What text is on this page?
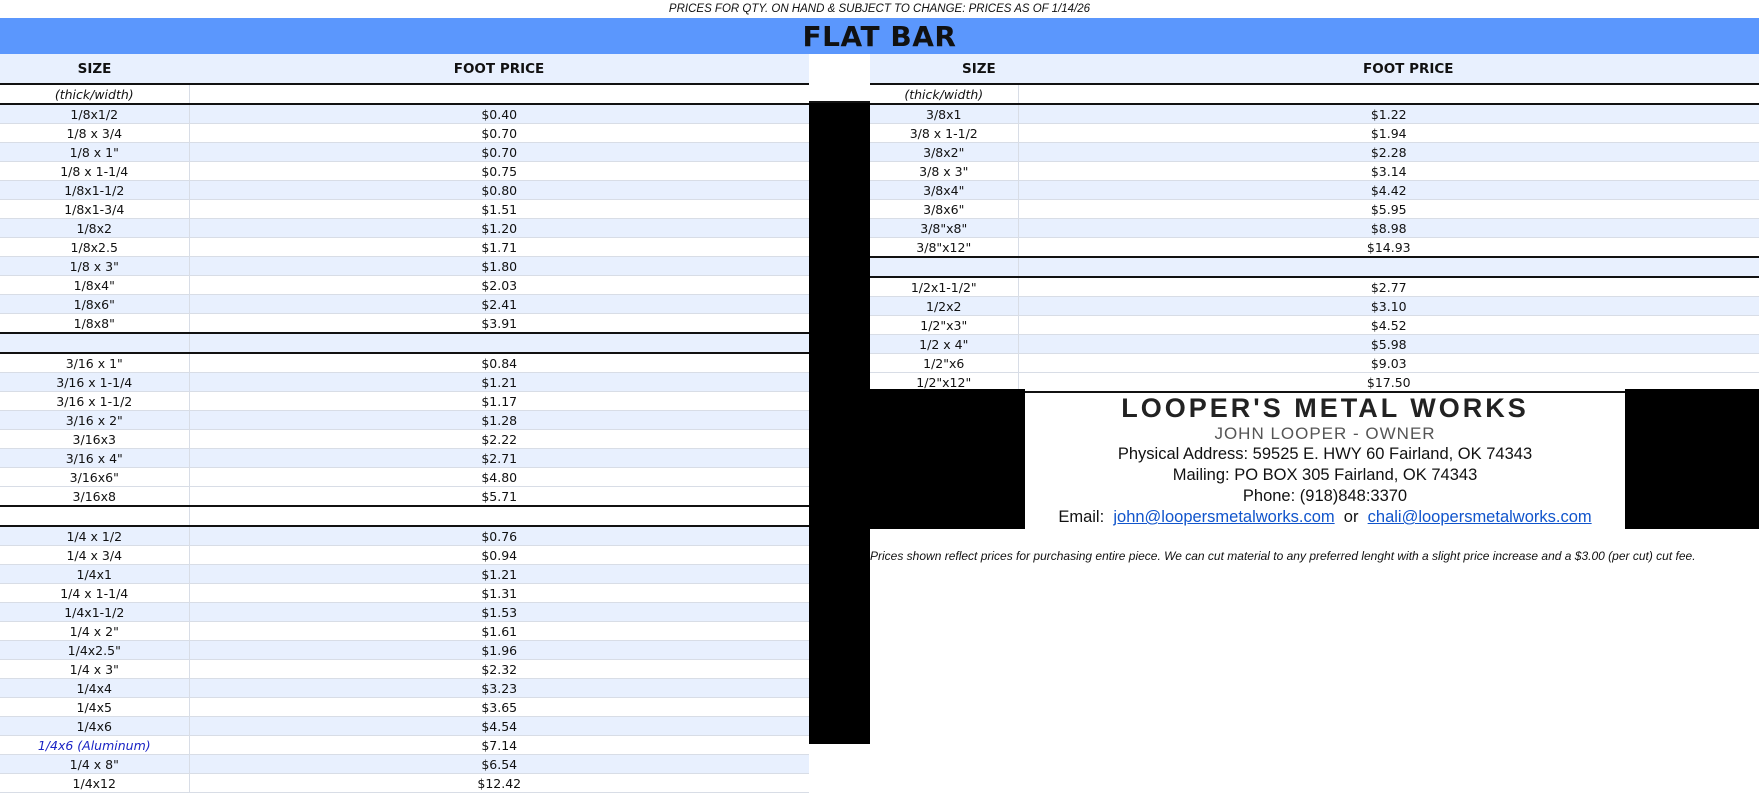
PRICES FOR QTY. ON HAND & SUBJECT TO CHANGE: PRICES AS OF 1/14/26
FLAT BAR
SIZE	FOOT PRICE
(thick/width)	
1/8x1/2	$0.40
1/8 x 3/4	$0.70
1/8 x 1"	$0.70
1/8 x 1-1/4	$0.75
1/8x1-1/2	$0.80
1/8x1-3/4	$1.51
1/8x2	$1.20
1/8x2.5	$1.71
1/8 x 3"	$1.80
1/8x4"	$2.03
1/8x6"	$2.41
1/8x8"	$3.91

3/16 x 1"	$0.84
3/16 x 1-1/4	$1.21
3/16 x 1-1/2	$1.17
3/16 x 2"	$1.28
3/16x3	$2.22
3/16 x 4"	$2.71
3/16x6"	$4.80
3/16x8	$5.71

1/4 x 1/2	$0.76
1/4 x 3/4	$0.94
1/4x1	$1.21
1/4 x 1-1/4	$1.31
1/4x1-1/2	$1.53
1/4 x 2"	$1.61
1/4x2.5"	$1.96
1/4 x 3"	$2.32
1/4x4	$3.23
1/4x5	$3.65
1/4x6	$4.54
1/4x6 (Aluminum)	$7.14
1/4 x 8"	$6.54
1/4x12	$12.42
SIZE	FOOT PRICE
(thick/width)	
3/8x1	$1.22
3/8 x 1-1/2	$1.94
3/8x2"	$2.28
3/8 x 3"	$3.14
3/8x4"	$4.42
3/8x6"	$5.95
3/8"x8"	$8.98
3/8"x12"	$14.93

1/2x1-1/2"	$2.77
1/2x2	$3.10
1/2"x3"	$4.52
1/2 x 4"	$5.98
1/2"x6	$9.03
1/2"x12"	$17.50
LOOPER'S METAL WORKS
JOHN LOOPER - OWNER
Physical Address: 59525 E. HWY 60 Fairland, OK 74343
Mailing: PO BOX 305 Fairland, OK 74343
Phone: (918)848:3370
Email: john@loopersmetalworks.com or chali@loopersmetalworks.com
Prices shown reflect prices for purchasing entire piece. We can cut material to any preferred lenght with a slight price increase and a $3.00 (per cut) cut fee.
